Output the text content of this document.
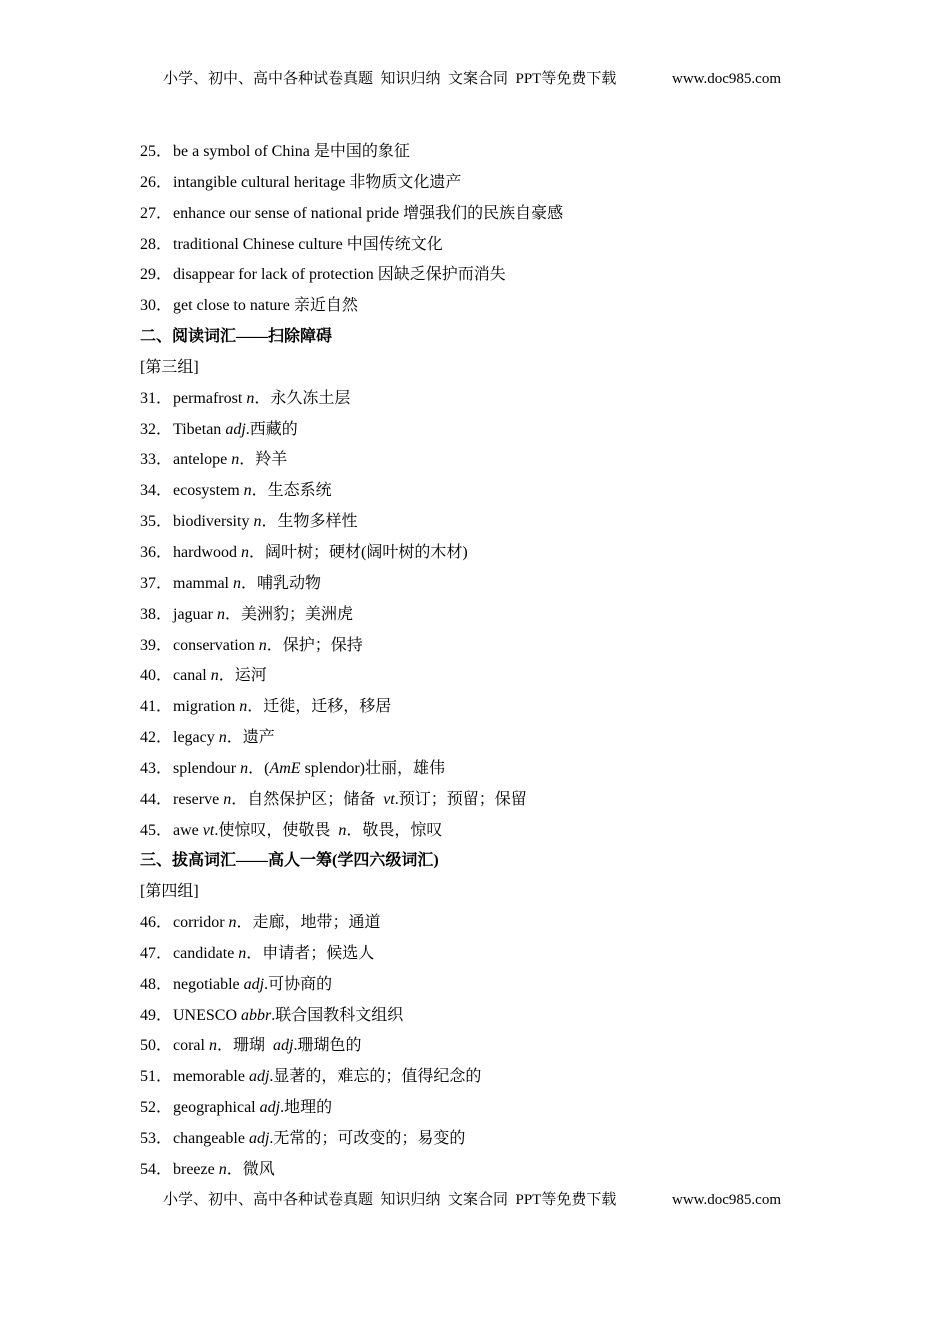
小学、初中、高中各种试卷真题  知识归纳  文案合同  PPT等免费下载

	www.doc985.com

25．be a symbol of China 是中国的象征
26．intangible cultural heritage 非物质文化遗产
27．enhance our sense of national pride 增强我们的民族自豪感
28．traditional Chinese culture 中国传统文化
29．disappear for lack of protection 因缺乏保护而消失
30．get close to nature 亲近自然
二、阅读词汇——扫除障碍
[第三组]
31．permafrost n．永久冻土层
32．Tibetan adj.西藏的
33．antelope n．羚羊
34．ecosystem n．生态系统
35．biodiversity n．生物多样性
36．hardwood n．阔叶树；硬材(阔叶树的木材)
37．mammal n．哺乳动物
38．jaguar n．美洲豹；美洲虎
39．conservation n．保护；保持
40．canal n．运河
41．migration n．迁徙，迁移，移居
42．legacy n．遗产
43．splendour n．(AmE splendor)壮丽，雄伟
44．reserve n．自然保护区；储备  vt.预订；预留；保留
45．awe vt.使惊叹，使敬畏  n．敬畏，惊叹
三、拔高词汇——高人一筹(学四六级词汇)
[第四组]
46．corridor n．走廊，地带；通道
47．candidate n．申请者；候选人
48．negotiable adj.可协商的
49．UNESCO abbr.联合国教科文组织
50．coral n．珊瑚  adj.珊瑚色的
51．memorable adj.显著的，难忘的；值得纪念的
52．geographical adj.地理的
53．changeable adj.无常的；可改变的；易变的
54．breeze n．微风

小学、初中、高中各种试卷真题  知识归纳  文案合同  PPT等免费下载

	www.doc985.com
